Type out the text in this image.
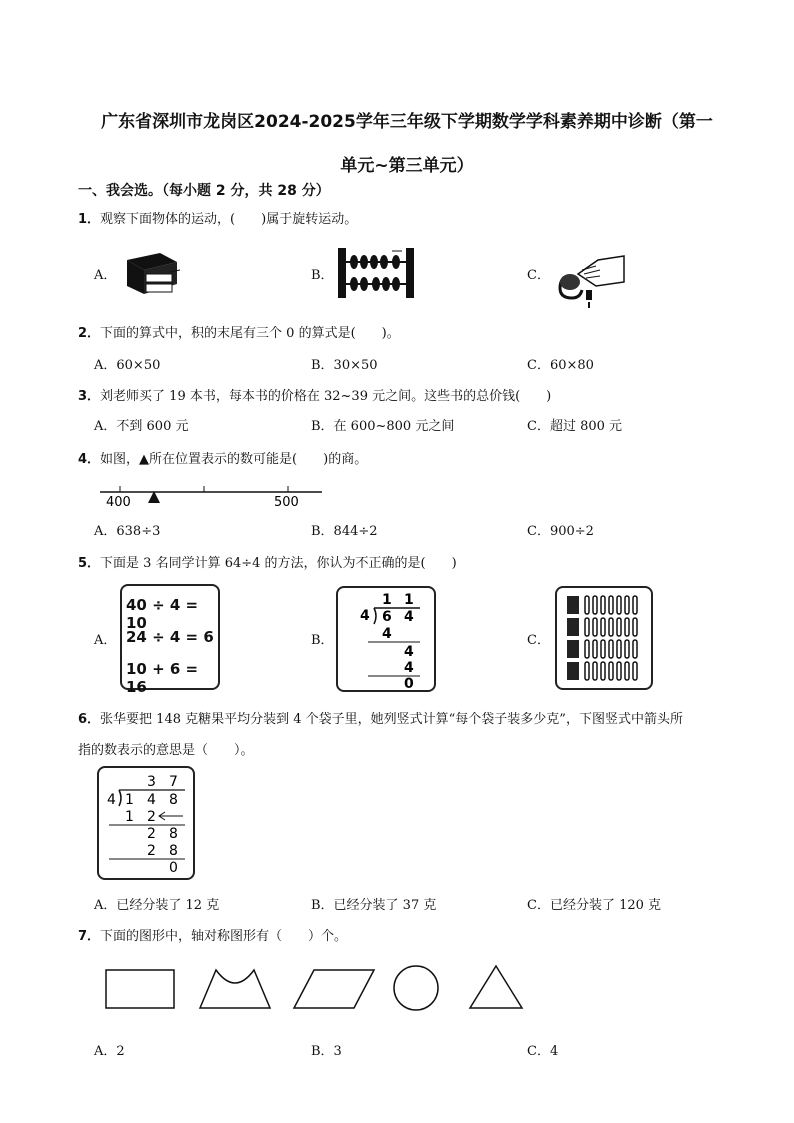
广东省深圳市龙岗区2024-2025学年三年级下学期数学学科素养期中诊断（第一
单元~第三单元）
一、我会选。（每小题 2 分，共 28 分）
1．观察下面物体的运动，(　　)属于旋转运动。
A．	B．	C．
2．下面的算式中，积的末尾有三个 0 的算式是(　　)。
A．60×50	B．30×50	C．60×80
3．刘老师买了 19 本书，每本书的价格在 32~39 元之间。这些书的总价钱(　　)
A．不到 600 元	B．在 600~800 元之间	C．超过 800 元
4．如图，▲所在位置表示的数可能是(　　)的商。
400	500
A．638÷3	B．844÷2	C．900÷2
5．下面是 3 名同学计算 64÷4 的方法，你认为不正确的是(　　)
A．
40 ÷ 4 = 10
24 ÷ 4 = 6
10 + 6 = 16
B．
1 1
4 6 4
4
4
4
0
C．
6．张华要把 148 克糖果平均分装到 4 个袋子里，她列竖式计算“每个袋子装多少克”，下图竖式中箭头所
指的数表示的意思是（　　）。
3 7
4 1 4 8
1 2
2 8
2 8
0
A．已经分装了 12 克	B．已经分装了 37 克	C．已经分装了 120 克
7．下面的图形中，轴对称图形有（　　）个。
A．2	B．3	C．4
